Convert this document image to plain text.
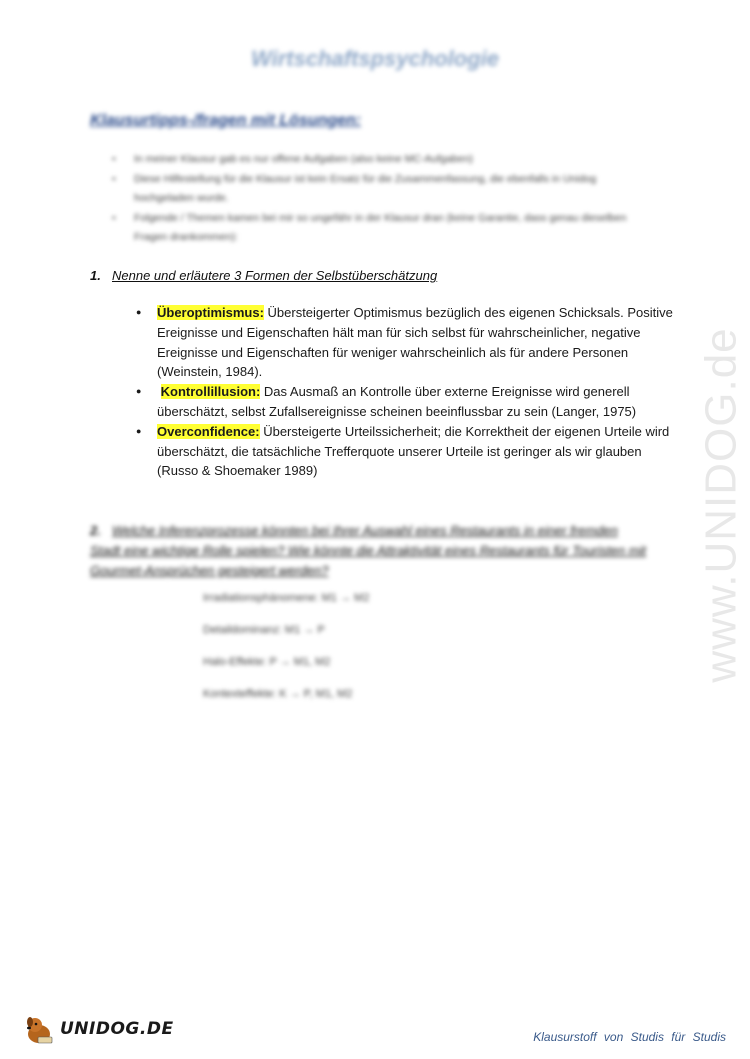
Wirtschaftspsychologie
Klausurtipps-/fragen mit Lösungen:
▪ In meiner Klausur gab es nur offene Aufgaben (also keine MC-Aufgaben)
▪ Diese Hilfestellung für die Klausur ist kein Ersatz für die Zusammenfassung, die ebenfalls in Unidog hochgeladen wurde.
▪ Folgende / Themen kamen bei mir so ungefähr in der Klausur dran (keine Garantie, dass genau dieselben Fragen drankommen):
1. Nenne und erläutere 3 Formen der Selbstüberschätzung
● Überoptimismus: Übersteigerter Optimismus bezüglich des eigenen Schicksals. Positive Ereignisse und Eigenschaften hält man für sich selbst für wahrscheinlicher, negative Ereignisse und Eigenschaften für weniger wahrscheinlich als für andere Personen (Weinstein, 1984).
● Kontrollillusion: Das Ausmaß an Kontrolle über externe Ereignisse wird generell überschätzt, selbst Zufallsereignisse scheinen beeinflussbar zu sein (Langer, 1975)
● Overconfidence: Übersteigerte Urteilssicherheit; die Korrektheit der eigenen Urteile wird überschätzt, die tatsächliche Trefferquote unserer Urteile ist geringer als wir glauben (Russo & Shoemaker 1989)
2. Welche Inferenzprozesse könnten bei Ihrer Auswahl eines Restaurants in einer fremden Stadt eine wichtige Rolle spielen? Wie könnte die Attraktivität eines Restaurants für Touristen mit Gourmet-Ansprüchen gesteigert werden?
Irradiationsphänomene: M1 → M2
Detaildominanz: M1 → P
Halo-Effekte: P → M1, M2
Kontexteffekte: K → P, M1, M2
www.UNIDOG.de
UNIDOG.DE	Klausurstoff von Studis für Studis
